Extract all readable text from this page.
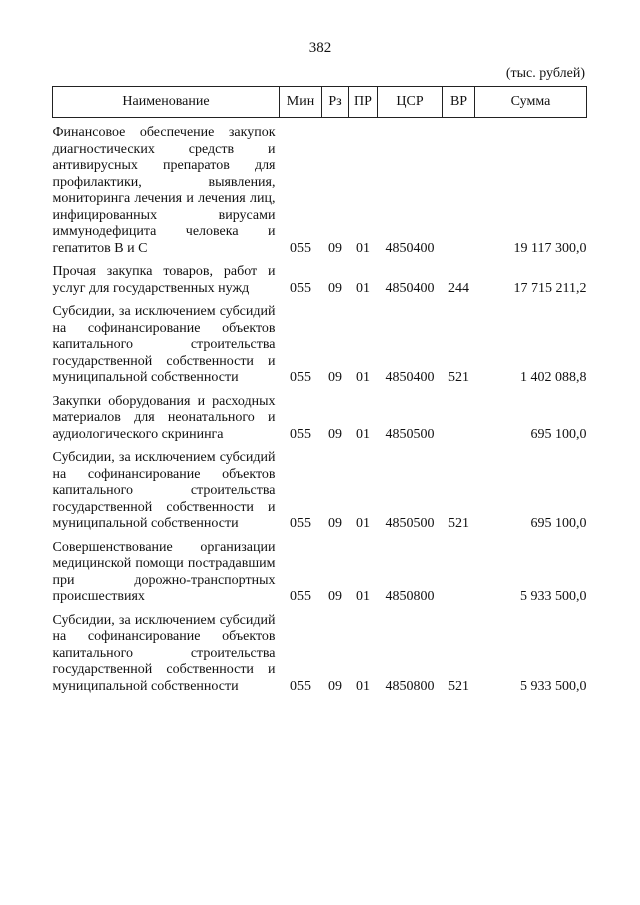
382
(тыс. рублей)
Наименование	Мин	Рз	ПР	ЦСР	ВР	Сумма

Финансовое обеспечение закупок диагностических средств и антивирусных препаратов для профилактики, выявления, мониторинга лечения и лечения лиц, инфицированных вирусами иммунодефицита человека и гепатитов B и C	055	09	01	4850400		19 117 300,0

Прочая закупка товаров, работ и услуг для государственных нужд	055	09	01	4850400	244	17 715 211,2

Субсидии, за исключением субсидий на софинансирование объектов капитального строительства государственной собственности и муниципальной собственности	055	09	01	4850400	521	1 402 088,8

Закупки оборудования и расходных материалов для неонатального и аудиологического скрининга	055	09	01	4850500		695 100,0

Субсидии, за исключением субсидий на софинансирование объектов капитального строительства государственной собственности и муниципальной собственности	055	09	01	4850500	521	695 100,0

Совершенствование организации медицинской помощи пострадавшим при дорожно-транспортных происшествиях	055	09	01	4850800		5 933 500,0

Субсидии, за исключением субсидий на софинансирование объектов капитального строительства государственной собственности и муниципальной собственности	055	09	01	4850800	521	5 933 500,0
